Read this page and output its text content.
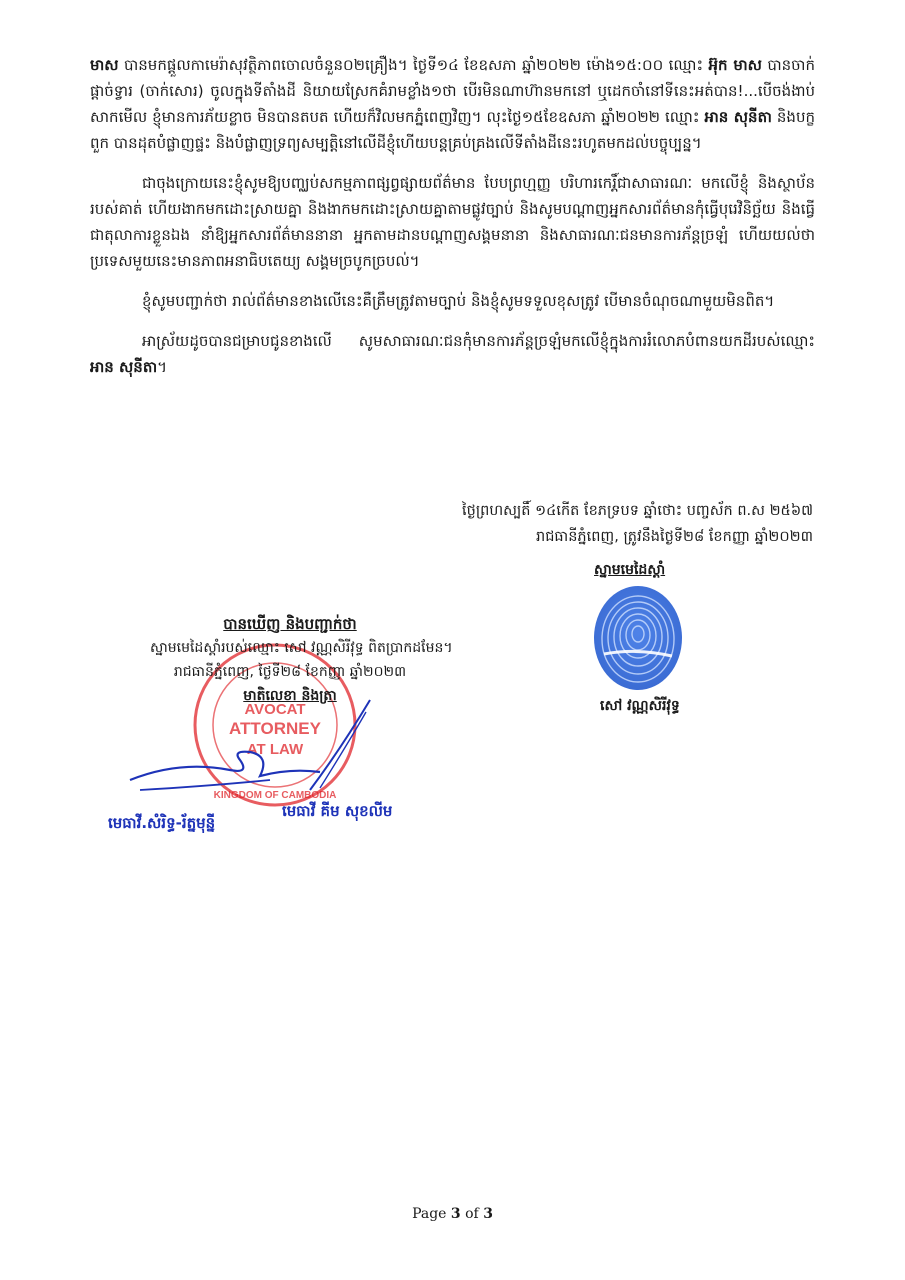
មាស បានមកផ្តួលកាមេរ៉ាសុវត្ថិភាពចោលចំនួន០២គ្រឿង។ ថ្ងៃទី១៤ ខែឧសភា ឆ្នាំ២០២២ ម៉ោង១៥:០០ ឈ្មោះ អ៊ុក មាស បានចាក់ផ្ដាច់ទ្វារ (ចាក់សោរ) ចូលក្នុងទីតាំងដី និយាយស្រែកគំរាមខ្លាំង១ថា បើរមិនណាហ៊ានមកនៅ ឬដេកចាំនៅទីនេះអត់បាន!...បើចង់ងាប់ សាកមើល ខ្ញុំមានការភ័យខ្លាច មិនបានតបត ហើយក៏វិលមកភ្នំពេញវិញ។ លុះថ្ងៃ១៥ខែឧសភា ឆ្នាំ២០២២ ឈ្មោះ អាន សុនីតា និងបក្ខពួក បានដុតបំផ្លាញផ្ទះ និងបំផ្លាញទ្រព្យសម្បត្តិនៅលើដីខ្ញុំហើយបន្តគ្រប់គ្រងលើទីតាំងដីនេះរហូតមកដល់បច្ចុប្បន្ន។

ជាចុងក្រោយនេះខ្ញុំសូមឱ្យបញ្ឈប់សកម្មភាពផ្សព្វផ្សាយព័ត៌មាន បែបព្រហ្មញ្ញ បរិហារកេរ្តិ៍ជាសាធារណៈ មកលើខ្ញុំ និងស្ថាប័នរបស់គាត់ ហើយងាកមកដោះស្រាយគ្នា និងងាកមកដោះស្រាយគ្នាតាមផ្លូវច្បាប់ និងសូមបណ្តាញអ្នកសារព័ត៌មានកុំធ្វើបុរេវិនិច្ឆ័យ និងធ្វើជាតុលាការខ្លួនឯង នាំឱ្យអ្នកសារព័ត៌មាននានា អ្នកតាមដានបណ្តាញសង្គមនានា និងសាធារណៈជនមានការភ័ន្តច្រឡំ ហើយយល់ថាប្រទេសមួយនេះមានភាពអនាធិបតេយ្យ សង្គមច្របូកច្របល់។

ខ្ញុំសូមបញ្ជាក់ថា រាល់ព័ត៌មានខាងលើនេះគឺត្រឹមត្រូវតាមច្បាប់ និងខ្ញុំសូមទទួលខុសត្រូវ បើមានចំណុចណាមួយមិនពិត។

អាស្រ័យដូចបានជម្រាបជូនខាងលើ សូមសាធារណៈជនកុំមានការភ័ន្តច្រឡំមកលើខ្ញុំក្នុងការរំលោភបំពានយកដីរបស់ឈ្មោះ អាន សុនីតា។

ថ្ងៃព្រហស្បតិ៍ ១៤កើត ខែភទ្របទ ឆ្នាំថោះ បញ្ចស័ក ព.ស ២៥៦៧
រាជធានីភ្នំពេញ, ត្រូវនឹងថ្ងៃទី២៨ ខែកញ្ញា ឆ្នាំ២០២៣
ស្នាមមេដៃស្តាំ
សៅ វណ្ណសិរីវុទ្ធ
AVOCAT
ATTORNEY
AT LAW
KINGDOM OF CAMBODIA
បានឃើញ និងបញ្ជាក់ថា
ស្នាមមេដៃស្តាំរបស់ឈ្មោះ សៅ វណ្ណសិរីវុទ្ធ ពិតប្រាកដមែន។
រាជធានីភ្នំពេញ, ថ្ងៃទី២៨ ខែកញ្ញា ឆ្នាំ២០២៣
មាតិលេខា និងត្រា
មេធាវី.សំរិទ្ធ-រ័ត្នមុន្នី
មេធាវី គីម សុខលីម
Page 3 of 3
